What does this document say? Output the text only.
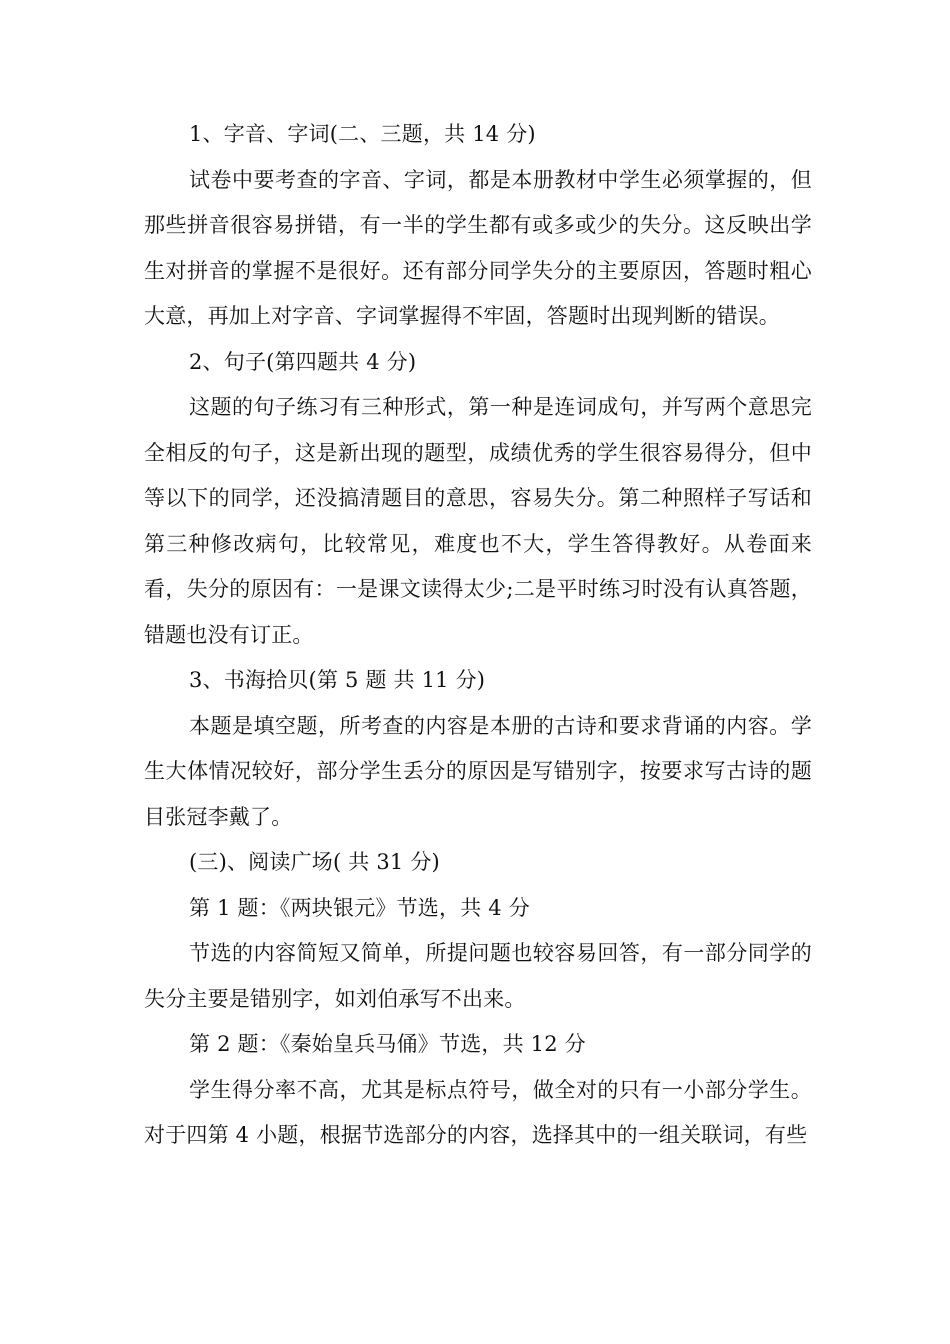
1、字音、字词(二、三题，共 14 分)

试卷中要考查的字音、字词，都是本册教材中学生必须掌握的，但那些拼音很容易拼错，有一半的学生都有或多或少的失分。这反映出学生对拼音的掌握不是很好。还有部分同学失分的主要原因，答题时粗心大意，再加上对字音、字词掌握得不牢固，答题时出现判断的错误。

2、句子(第四题共 4 分)

这题的句子练习有三种形式，第一种是连词成句，并写两个意思完全相反的句子，这是新出现的题型，成绩优秀的学生很容易得分，但中等以下的同学，还没搞清题目的意思，容易失分。第二种照样子写话和第三种修改病句，比较常见，难度也不大，学生答得教好。从卷面来看，失分的原因有：一是课文读得太少;二是平时练习时没有认真答题，错题也没有订正。

3、书海拾贝(第 5 题 共 11 分)

本题是填空题，所考查的内容是本册的古诗和要求背诵的内容。学生大体情况较好，部分学生丢分的原因是写错别字，按要求写古诗的题目张冠李戴了。

(三)、阅读广场( 共 31 分)

第 1 题：《两块银元》节选，共 4 分

节选的内容简短又简单，所提问题也较容易回答，有一部分同学的失分主要是错别字，如刘伯承写不出来。

第 2 题：《秦始皇兵马俑》节选，共 12 分

学生得分率不高，尤其是标点符号，做全对的只有一小部分学生。对于四第 4 小题，根据节选部分的内容，选择其中的一组关联词，有些
